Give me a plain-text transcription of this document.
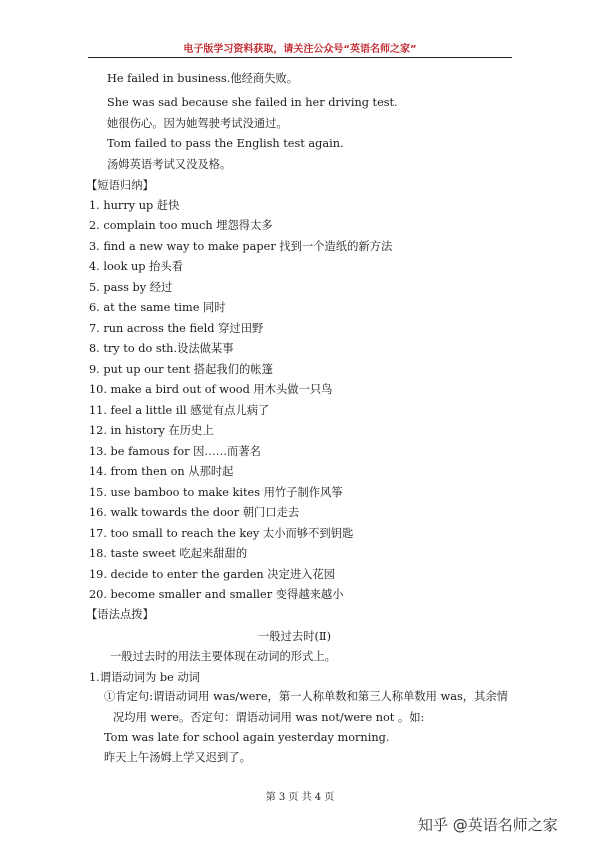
电子版学习资料获取，请关注公众号“英语名师之家”
He failed in business.他经商失败。
She was sad because she failed in her driving test.
她很伤心。因为她驾驶考试没通过。
Tom failed to pass the English test again.
汤姆英语考试又没及格。
【短语归纳】
1. hurry up 赶快
2. complain too much 埋怨得太多
3. find a new way to make paper 找到一个造纸的新方法
4. look up 抬头看
5. pass by 经过
6. at the same time 同时
7. run across the field 穿过田野
8. try to do sth.设法做某事
9. put up our tent 搭起我们的帐篷
10. make a bird out of wood 用木头做一只鸟
11. feel a little ill 感觉有点儿病了
12. in history 在历史上
13. be famous for 因……而著名
14. from then on 从那时起
15. use bamboo to make kites 用竹子制作风筝
16. walk towards the door 朝门口走去
17. too small to reach the key 太小而够不到钥匙
18. taste sweet 吃起来甜甜的
19. decide to enter the garden 决定进入花园
20. become smaller and smaller 变得越来越小
【语法点拨】
一般过去时(Ⅱ)
一般过去时的用法主要体现在动词的形式上。
1.谓语动词为 be 动词
①肯定句:谓语动词用 was/were，第一人称单数和第三人称单数用 was，其余情
况均用 were。否定句：谓语动词用 was not/were not 。如:
Tom was late for school again yesterday morning.
昨天上午汤姆上学又迟到了。
第 3 页 共 4 页
知乎 @英语名师之家
